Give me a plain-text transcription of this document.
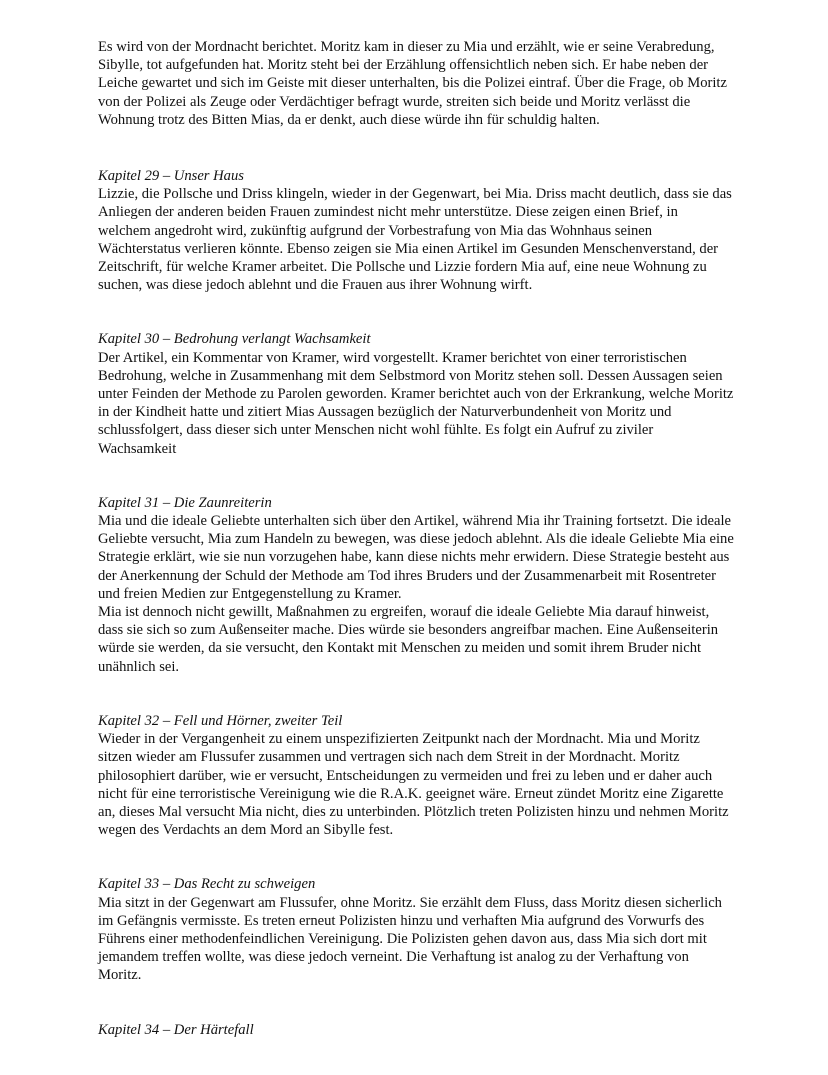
Es wird von der Mordnacht berichtet. Moritz kam in dieser zu Mia und erzählt, wie er seine Verabredung, Sibylle, tot aufgefunden hat. Moritz steht bei der Erzählung offensichtlich neben sich. Er habe neben der Leiche gewartet und sich im Geiste mit dieser unterhalten, bis die Polizei eintraf. Über die Frage, ob Moritz von der Polizei als Zeuge oder Verdächtiger befragt wurde, streiten sich beide und Moritz verlässt die Wohnung trotz des Bitten Mias, da er denkt, auch diese würde ihn für schuldig halten.

Kapitel 29 – Unser Haus

Lizzie, die Pollsche und Driss klingeln, wieder in der Gegenwart, bei Mia. Driss macht deutlich, dass sie das Anliegen der anderen beiden Frauen zumindest nicht mehr unterstütze. Diese zeigen einen Brief, in welchem angedroht wird, zukünftig aufgrund der Vorbestrafung von Mia das Wohnhaus seinen Wächterstatus verlieren könnte. Ebenso zeigen sie Mia einen Artikel im Gesunden Menschenverstand, der Zeitschrift, für welche Kramer arbeitet. Die Pollsche und Lizzie fordern Mia auf, eine neue Wohnung zu suchen, was diese jedoch ablehnt und die Frauen aus ihrer Wohnung wirft.

Kapitel 30 – Bedrohung verlangt Wachsamkeit

Der Artikel, ein Kommentar von Kramer, wird vorgestellt. Kramer berichtet von einer terroristischen Bedrohung, welche in Zusammenhang mit dem Selbstmord von Moritz stehen soll. Dessen Aussagen seien unter Feinden der Methode zu Parolen geworden. Kramer berichtet auch von der Erkrankung, welche Moritz in der Kindheit hatte und zitiert Mias Aussagen bezüglich der Naturverbundenheit von Moritz und schlussfolgert, dass dieser sich unter Menschen nicht wohl fühlte. Es folgt ein Aufruf zu ziviler Wachsamkeit

Kapitel 31 – Die Zaunreiterin

Mia und die ideale Geliebte unterhalten sich über den Artikel, während Mia ihr Training fortsetzt. Die ideale Geliebte versucht, Mia zum Handeln zu bewegen, was diese jedoch ablehnt. Als die ideale Geliebte Mia eine Strategie erklärt, wie sie nun vorzugehen habe, kann diese nichts mehr erwidern. Diese Strategie besteht aus der Anerkennung der Schuld der Methode am Tod ihres Bruders und der Zusammenarbeit mit Rosentreter und freien Medien zur Entgegenstellung zu Kramer.

Mia ist dennoch nicht gewillt, Maßnahmen zu ergreifen, worauf die ideale Geliebte Mia darauf hinweist, dass sie sich so zum Außenseiter mache. Dies würde sie besonders angreifbar machen. Eine Außenseiterin würde sie werden, da sie versucht, den Kontakt mit Menschen zu meiden und somit ihrem Bruder nicht unähnlich sei.

Kapitel 32 – Fell und Hörner, zweiter Teil

Wieder in der Vergangenheit zu einem unspezifizierten Zeitpunkt nach der Mordnacht. Mia und Moritz sitzen wieder am Flussufer zusammen und vertragen sich nach dem Streit in der Mordnacht. Moritz philosophiert darüber, wie er versucht, Entscheidungen zu vermeiden und frei zu leben und er daher auch nicht für eine terroristische Vereinigung wie die R.A.K. geeignet wäre. Erneut zündet Moritz eine Zigarette an, dieses Mal versucht Mia nicht, dies zu unterbinden. Plötzlich treten Polizisten hinzu und nehmen Moritz wegen des Verdachts an dem Mord an Sibylle fest.

Kapitel 33 – Das Recht zu schweigen

Mia sitzt in der Gegenwart am Flussufer, ohne Moritz. Sie erzählt dem Fluss, dass Moritz diesen sicherlich im Gefängnis vermisste. Es treten erneut Polizisten hinzu und verhaften Mia aufgrund des Vorwurfs des Führens einer methodenfeindlichen Vereinigung. Die Polizisten gehen davon aus, dass Mia sich dort mit jemandem treffen wollte, was diese jedoch verneint. Die Verhaftung ist analog zu der Verhaftung von Moritz.

Kapitel 34 – Der Härtefall
